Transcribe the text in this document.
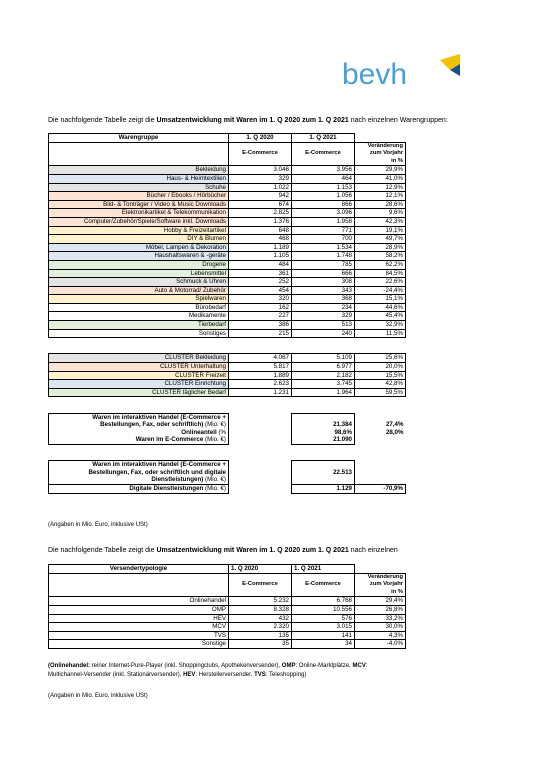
bevh
Die nachfolgende Tabelle zeigt die Umsatzentwicklung mit Waren im 1. Q 2020 zum 1. Q 2021 nach einzelnen Warengruppen:
Warengruppe	1. Q 2020	1. Q 2021	
			Veränderung
	E-Commerce	E-Commerce	zum Vorjahr
			in %
Bekleidung	3.046	3.956	29,9%
Haus- & Heimtextilien	329	464	41,0%
Schuhe	1.022	1.153	12,9%
Bücher / Ebooks / Hörbücher	942	1.056	12,1%
Bild- & Tonträger / Video & Music Downloads	674	866	28,6%
Elektronikartikel & Telekommunikation	2.825	3.096	9,6%
Computer/Zubehör/Spiele/Software inkl. Downloads	1.376	1.958	42,3%
Hobby & Freizeitartikel	648	771	19,1%
DIY & Blumen	468	700	49,7%
Möbel, Lampen & Dekoration	1.189	1.534	28,9%
Haushaltswaren & -geräte	1.105	1.748	58,2%
Drogerie	484	785	62,2%
Lebensmittel	361	666	84,5%
Schmuck & Uhren	252	308	22,6%
Auto & Motorrad/ Zubehör	454	343	-24,4%
Spielwaren	320	368	15,1%
Bürobedarf	162	234	44,6%
Medikamente	227	329	45,4%
Tierbedarf	386	513	32,9%
Sonstiges	215	240	11,5%

CLUSTER Bekleidung	4.067	5.109	25,6%
CLUSTER Unterhaltung	5.817	6.977	20,0%
CLUSTER Freizeit	1.889	2.182	15,5%
CLUSTER Einrichtung	2.623	3.745	42,8%
CLUSTER täglicher Bedarf	1.231	1.964	59,5%

Waren im interaktiven Handel (E-Commerce +			
Bestellungen, Fax, oder schriftlich) (Mio. €)		21.384	27,4%
Onlineanteil (%		98,6%	28,0%
Waren im E-Commerce (Mio. €)		21.090	

Waren im interaktiven Handel (E-Commerce +			
Bestellungen, Fax, oder schriftlich und digitale		22.513	
Dienstleistungen) (Mio. €)			
Digitale Dienstleistungen (Mio. €)		1.129	-70,9%
(Angaben in Mio. Euro, inklusive USt)
Die nachfolgende Tabelle zeigt die Umsatzentwicklung mit Waren im 1. Q 2020 zum 1. Q 2021 nach einzelnen
Versendertypologie	1. Q 2020	1. Q 2021	
			Veränderung
	E-Commerce	E-Commerce	zum Vorjahr
			in %
Onlinehandel	5.232	6.768	29,4%
OMP	8.328	10.556	26,8%
HEV	432	576	33,2%
MCV	2.320	3.015	30,0%
TVS	135	141	4,3%
Sonstige	35	34	-4,0%
(Onlinehandel: reiner Internet-Pure-Player (inkl. Shoppingclubs, Apothekenversender), OMP: Online-Marktplätze, MCV:
Multichannel-Versender (inkl. Stationärversender), HEV: Herstellerversender, TVS: Teleshopping)
(Angaben in Mio. Euro, inklusive USt)
